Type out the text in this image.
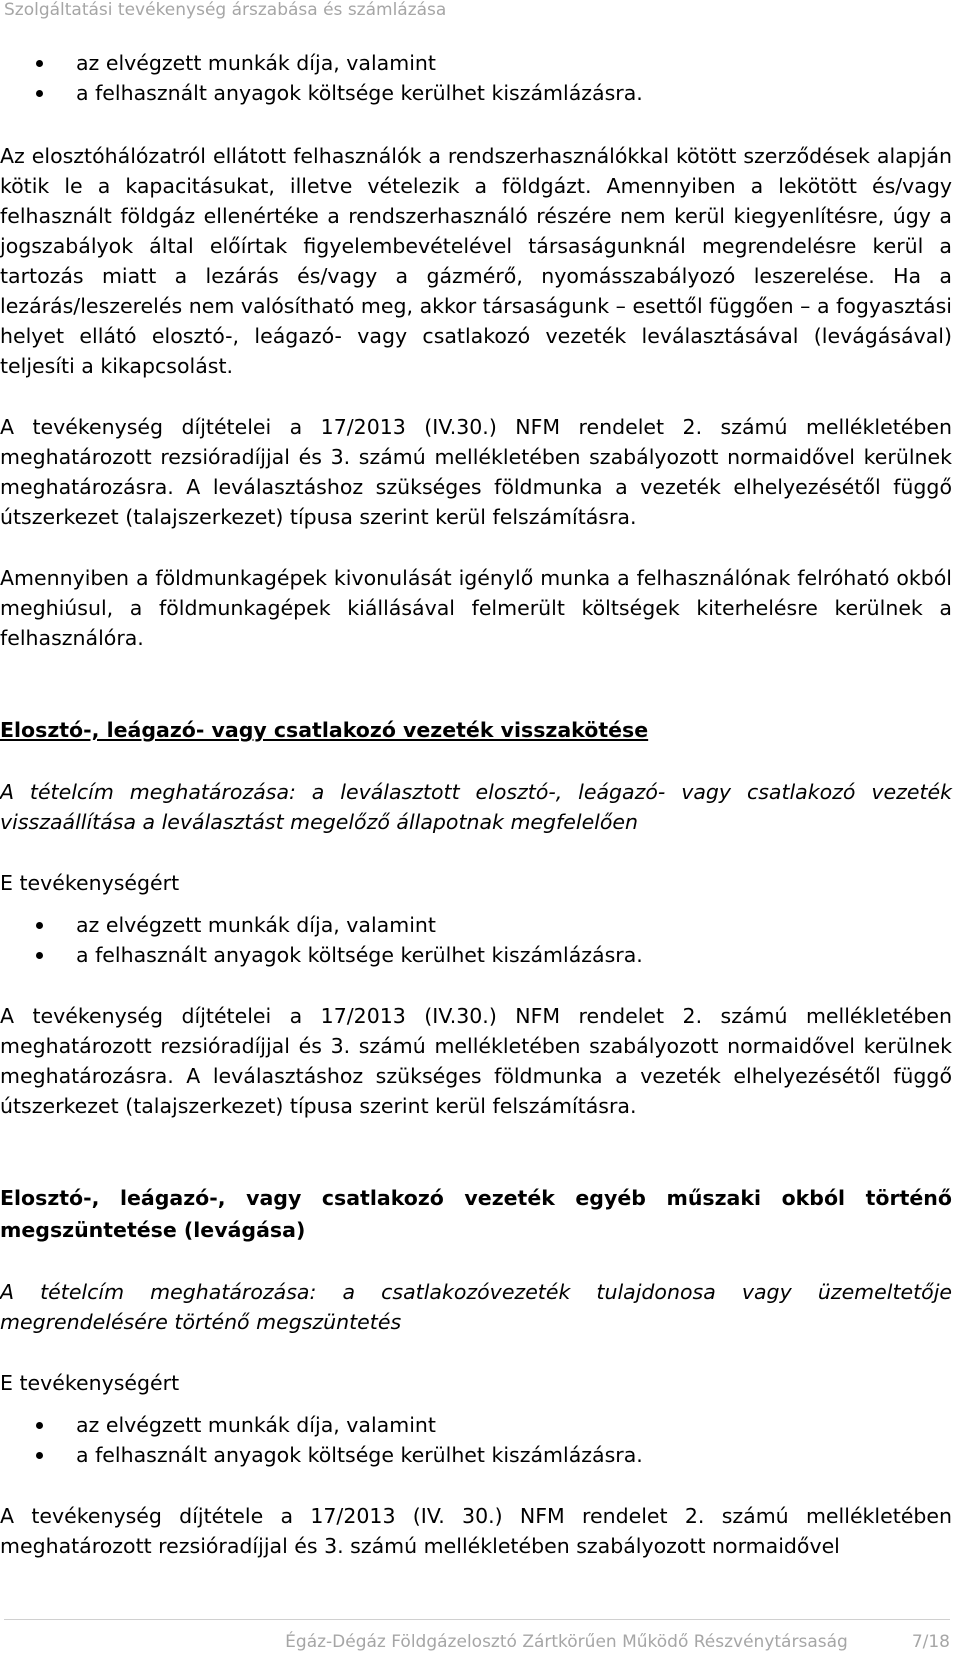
Szolgáltatási tevékenység árszabása és számlázása
az elvégzett munkák díja, valamint
a felhasznált anyagok költsége kerülhet kiszámlázásra.

Az elosztóhálózatról ellátott felhasználók a rendszerhasználókkal kötött szerződések alapján kötik le a kapacitásukat, illetve vételezik a földgázt. Amennyiben a lekötött és/vagy felhasznált földgáz ellenértéke a rendszerhasználó részére nem kerül kiegyenlítésre, úgy a jogszabályok által előírtak figyelembevételével társaságunknál megrendelésre kerül a tartozás miatt a lezárás és/vagy a gázmérő, nyomásszabályozó leszerelése. Ha a lezárás/leszerelés nem valósítható meg, akkor társaságunk – esettől függően – a fogyasztási helyet ellátó elosztó-, leágazó- vagy csatlakozó vezeték leválasztásával (levágásával) teljesíti a kikapcsolást.

A tevékenység díjtételei a 17/2013 (IV.30.) NFM rendelet 2. számú mellékletében meghatározott rezsióradíjjal és 3. számú mellékletében szabályozott normaidővel kerülnek meghatározásra. A leválasztáshoz szükséges földmunka a vezeték elhelyezésétől függő útszerkezet (talajszerkezet) típusa szerint kerül felszámításra.

Amennyiben a földmunkagépek kivonulását igénylő munka a felhasználónak felróható okból meghiúsul, a földmunkagépek kiállásával felmerült költségek kiterhelésre kerülnek a felhasználóra.

Elosztó-, leágazó- vagy csatlakozó vezeték visszakötése

A tételcím meghatározása: a leválasztott elosztó-, leágazó- vagy csatlakozó vezeték visszaállítása a leválasztást megelőző állapotnak megfelelően

E tevékenységért

az elvégzett munkák díja, valamint
a felhasznált anyagok költsége kerülhet kiszámlázásra.

A tevékenység díjtételei a 17/2013 (IV.30.) NFM rendelet 2. számú mellékletében meghatározott rezsióradíjjal és 3. számú mellékletében szabályozott normaidővel kerülnek meghatározásra. A leválasztáshoz szükséges földmunka a vezeték elhelyezésétől függő útszerkezet (talajszerkezet) típusa szerint kerül felszámításra.

Elosztó-, leágazó-, vagy csatlakozó vezeték egyéb műszaki okból történő megszüntetése (levágása)

A tételcím meghatározása: a csatlakozóvezeték tulajdonosa vagy üzemeltetője megrendelésére történő megszüntetés

E tevékenységért

az elvégzett munkák díja, valamint
a felhasznált anyagok költsége kerülhet kiszámlázásra.

A tevékenység díjtétele a 17/2013 (IV. 30.) NFM rendelet 2. számú mellékletében meghatározott rezsióradíjjal és 3. számú mellékletében szabályozott normaidővel

Égáz-Dégáz Földgázelosztó Zártkörűen Működő Részvénytársaság	7/18
